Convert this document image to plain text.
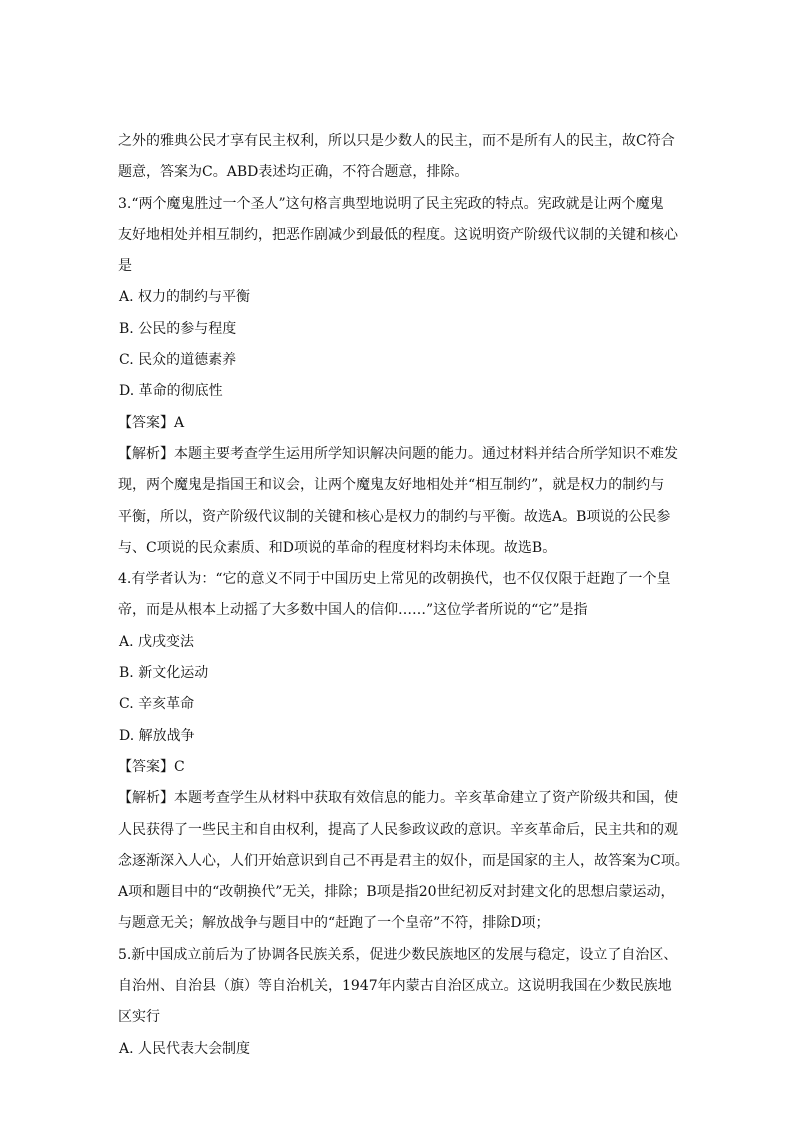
之外的雅典公民才享有民主权利，所以只是少数人的民主，而不是所有人的民主，故C符合
题意，答案为C。ABD表述均正确，不符合题意，排除。
3.“两个魔鬼胜过一个圣人”这句格言典型地说明了民主宪政的特点。宪政就是让两个魔鬼
友好地相处并相互制约，把恶作剧减少到最低的程度。这说明资产阶级代议制的关键和核心
是
A. 权力的制约与平衡
B. 公民的参与程度
C. 民众的道德素养
D. 革命的彻底性
【答案】A
【解析】本题主要考查学生运用所学知识解决问题的能力。通过材料并结合所学知识不难发
现，两个魔鬼是指国王和议会，让两个魔鬼友好地相处并“相互制约”，就是权力的制约与
平衡，所以，资产阶级代议制的关键和核心是权力的制约与平衡。故选A。B项说的公民参
与、C项说的民众素质、和D项说的革命的程度材料均未体现。故选B。
4.有学者认为：“它的意义不同于中国历史上常见的改朝换代，也不仅仅限于赶跑了一个皇
帝，而是从根本上动摇了大多数中国人的信仰……”这位学者所说的“它”是指
A. 戊戌变法
B. 新文化运动
C. 辛亥革命
D. 解放战争
【答案】C
【解析】本题考查学生从材料中获取有效信息的能力。辛亥革命建立了资产阶级共和国，使
人民获得了一些民主和自由权利，提高了人民参政议政的意识。辛亥革命后，民主共和的观
念逐渐深入人心，人们开始意识到自己不再是君主的奴仆，而是国家的主人，故答案为C项。
A项和题目中的“改朝换代”无关，排除；B项是指20世纪初反对封建文化的思想启蒙运动，
与题意无关；解放战争与题目中的“赶跑了一个皇帝”不符，排除D项；
5.新中国成立前后为了协调各民族关系，促进少数民族地区的发展与稳定，设立了自治区、
自治州、自治县（旗）等自治机关，1947年内蒙古自治区成立。这说明我国在少数民族地
区实行
A. 人民代表大会制度
